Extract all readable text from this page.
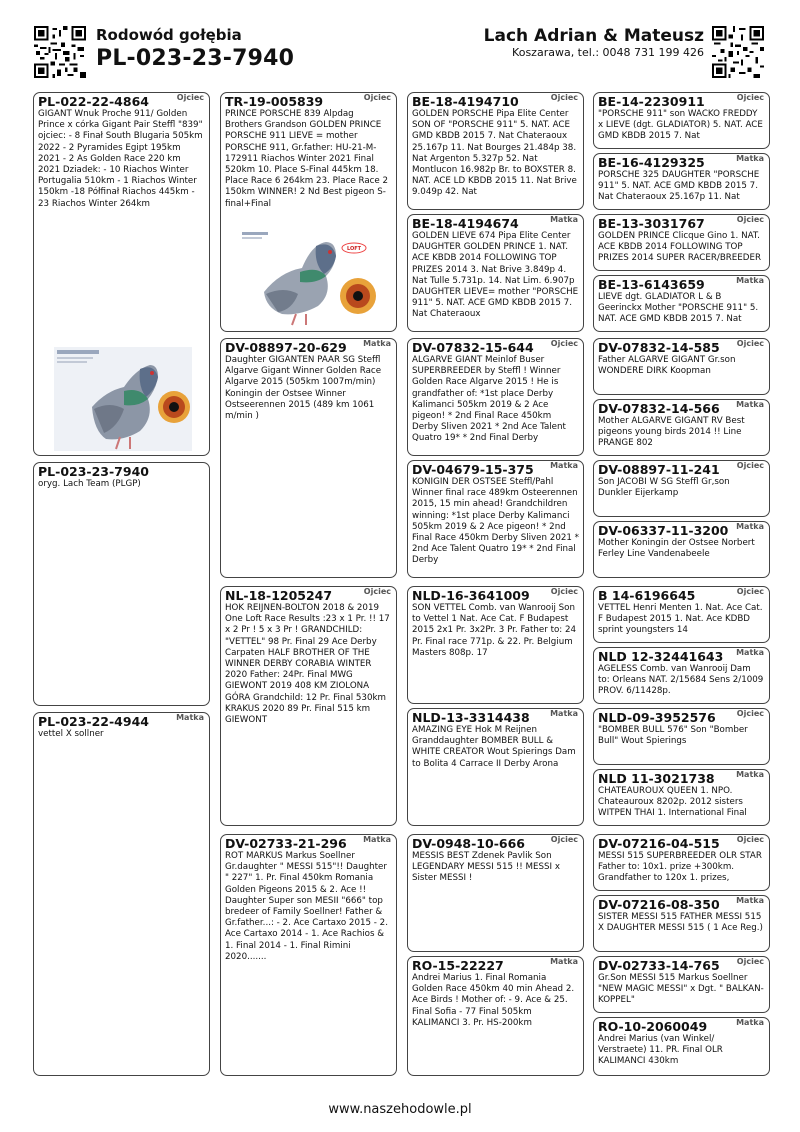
Rodowód gołębia
PL-023-23-7940
Lach Adrian & Mateusz
Koszarawa, tel.: 0048 731 199 426
PL-022-22-4864	Ojciec
GIGANT Wnuk Proche 911/ Golden Prince x córka Gigant Pair Steffl "839" ojciec: - 8 Finał South Blugaria 505km 2022 - 2 Pyramides Egipt 195km 2021 - 2 As Golden Race 220 km 2021 Dziadek: - 10 Riachos Winter Portugalia 510km - 1 Riachos Winter 150km -18 Półfinał Riachos 445km - 23 Riachos Winter 264km
PL-023-23-7940
oryg. Lach Team (PLGP)
PL-023-22-4944	Matka
vettel X sollner
TR-19-005839	Ojciec
PRINCE PORSCHE 839 Alpdag Brothers Grandson GOLDEN PRINCE PORSCHE 911 LIEVE = mother PORSCHE 911, Gr.father: HU-21-M-172911 Riachos Winter 2021 Final 520km 10. Place S-Final 445km 18. Place Race 6 264km 23. Place Race 2 150km WINNER! 2 Nd Best pigeon S-final+Final
LOFT
DV-08897-20-629	Matka
Daughter GIGANTEN PAAR SG Steffl Algarve Gigant Winner Golden Race Algarve 2015 (505km 1007m/min) Koningin der Ostsee Winner Ostseerennen 2015 (489 km 1061 m/min )
NL-18-1205247	Ojciec
HOK REIJNEN-BOLTON 2018 & 2019 One Loft Race Results :23 x 1 Pr. !! 17 x 2 Pr ! 5 x 3 Pr ! GRANDCHILD: "VETTEL" 98 Pr. Final 29 Ace Derby Carpaten HALF BROTHER OF THE WINNER DERBY CORABIA WINTER 2020 Father: 24Pr. Final MWG GIEWONT 2019 408 KM ZIOLONA GÓRA Grandchild: 12 Pr. Final 530km KRAKUS 2020 89 Pr. Final 515 km GIEWONT
DV-02733-21-296	Matka
ROT MARKUS Markus Soellner Gr.daughter " MESSI 515"!! Daughter " 227" 1. Pr. Final 450km Romania Golden Pigeons 2015 & 2. Ace !! Daughter Super son MESII "666" top bredeer of Family Soellner! Father & Gr.father...: - 2. Ace Cartaxo 2015 - 2. Ace Cartaxo 2014 - 1. Ace Rachios & 1. Final 2014 - 1. Final Rimini 2020.......
BE-18-4194710	Ojciec
GOLDEN PORSCHE Pipa Elite Center SON OF "PORSCHE 911" 5. NAT. ACE GMD KBDB 2015 7. Nat Chateraoux 25.167p 11. Nat Bourges 21.484p 38. Nat Argenton 5.327p 52. Nat Montlucon 16.982p Br. to BOXSTER 8. NAT. ACE LD KBDB 2015 11. Nat Brive 9.049p 42. Nat
BE-18-4194674	Matka
GOLDEN LIEVE 674 Pipa Elite Center DAUGHTER GOLDEN PRINCE 1. NAT. ACE KBDB 2014 FOLLOWING TOP PRIZES 2014 3. Nat Brive 3.849p 4. Nat Tulle 5.731p. 14. Nat Lim. 6.907p DAUGHTER LIEVE= mother "PORSCHE 911" 5. NAT. ACE GMD KBDB 2015 7. Nat Chateraoux
DV-07832-15-644	Ojciec
ALGARVE GIANT Meinlof Buser SUPERBREEDER by Steffl ! Winner Golden Race Algarve 2015 ! He is grandfather of: *1st place Derby Kalimanci 505km 2019 & 2 Ace pigeon! * 2nd Final Race 450km Derby Sliven 2021 * 2nd Ace Talent Quatro 19* * 2nd Final Derby
DV-04679-15-375	Matka
KONIGIN DER OSTSEE Steffl/Pahl Winner final race 489km Osteerennen 2015, 15 min ahead! Grandchildren winning: *1st place Derby Kalimanci 505km 2019 & 2 Ace pigeon! * 2nd Final Race 450km Derby Sliven 2021 * 2nd Ace Talent Quatro 19* * 2nd Final Derby
NLD-16-3641009	Ojciec
SON VETTEL Comb. van Wanrooij Son to Vettel 1 Nat. Ace Cat. F Budapest 2015 2x1 Pr. 3x2Pr. 3 Pr. Father to: 24 Pr. Final race 771p. & 22. Pr. Belgium Masters 808p. 17
NLD-13-3314438	Matka
AMAZING EYE Hok M Reijnen Granddaughter BOMBER BULL & WHITE CREATOR Wout Spierings Dam to Bolita 4 Carrace II Derby Arona
DV-0948-10-666	Ojciec
MESSIS BEST Zdenek Pavlik Son LEGENDARY MESSI 515 !! MESSI x Sister MESSI !
RO-15-22227	Matka
Andrei Marius 1. Final Romania Golden Race 450km 40 min Ahead 2. Ace Birds ! Mother of: - 9. Ace & 25. Final Sofia - 77 Final 505km KALIMANCI 3. Pr. HS-200km
BE-14-2230911	Ojciec
"PORSCHE 911" son WACKO FREDDY x LIEVE (dgt. GLADIATOR) 5. NAT. ACE GMD KBDB 2015 7. Nat
BE-16-4129325	Matka
PORSCHE 325 DAUGHTER "PORSCHE 911" 5. NAT. ACE GMD KBDB 2015 7. Nat Chateraoux 25.167p 11. Nat
BE-13-3031767	Ojciec
GOLDEN PRINCE Clicque Gino 1. NAT. ACE KBDB 2014 FOLLOWING TOP PRIZES 2014 SUPER RACER/BREEDER
BE-13-6143659	Matka
LIEVE dgt. GLADIATOR L & B Geerinckx Mother "PORSCHE 911" 5. NAT. ACE GMD KBDB 2015 7. Nat
DV-07832-14-585	Ojciec
Father ALGARVE GIGANT Gr.son WONDERE DIRK Koopman
DV-07832-14-566	Matka
Mother ALGARVE GIGANT RV Best pigeons young birds 2014 !! Line PRANGE 802
DV-08897-11-241	Ojciec
Son JACOBI W SG Steffl Gr,son Dunkler Eijerkamp
DV-06337-11-3200 Matka
Mother Koningin der Ostsee Norbert Ferley Line Vandenabeele
B 14-6196645	Ojciec
VETTEL Henri Menten 1. Nat. Ace Cat. F Budapest 2015 1. Nat. Ace KDBD sprint youngsters 14
NLD 12-32441643	Matka
AGELESS Comb. van Wanrooij Dam to: Orleans NAT. 2/15684 Sens 2/1009 PROV. 6/11428p.
NLD-09-3952576	Ojciec
"BOMBER BULL 576" Son "Bomber Bull" Wout Spierings
NLD 11-3021738	Matka
CHATEAUROUX QUEEN 1. NPO. Chateauroux 8202p. 2012 sisters WITPEN THAI 1. International Final
DV-07216-04-515	Ojciec
MESSI 515 SUPERBREEDER OLR STAR Father to: 10x1. prize +300km. Grandfather to 120x 1. prizes,
DV-07216-08-350	Matka
SISTER MESSI 515 FATHER MESSI 515 X DAUGHTER MESSI 515 ( 1 Ace Reg.)
DV-02733-14-765	Ojciec
Gr.Son MESSI 515 Markus Soellner "NEW MAGIC MESSI" x Dgt. " BALKAN-KOPPEL"
RO-10-2060049	Matka
Andrei Marius (van Winkel/ Verstraete) 11. PR. Final OLR KALIMANCI 430km
www.naszehodowle.pl
